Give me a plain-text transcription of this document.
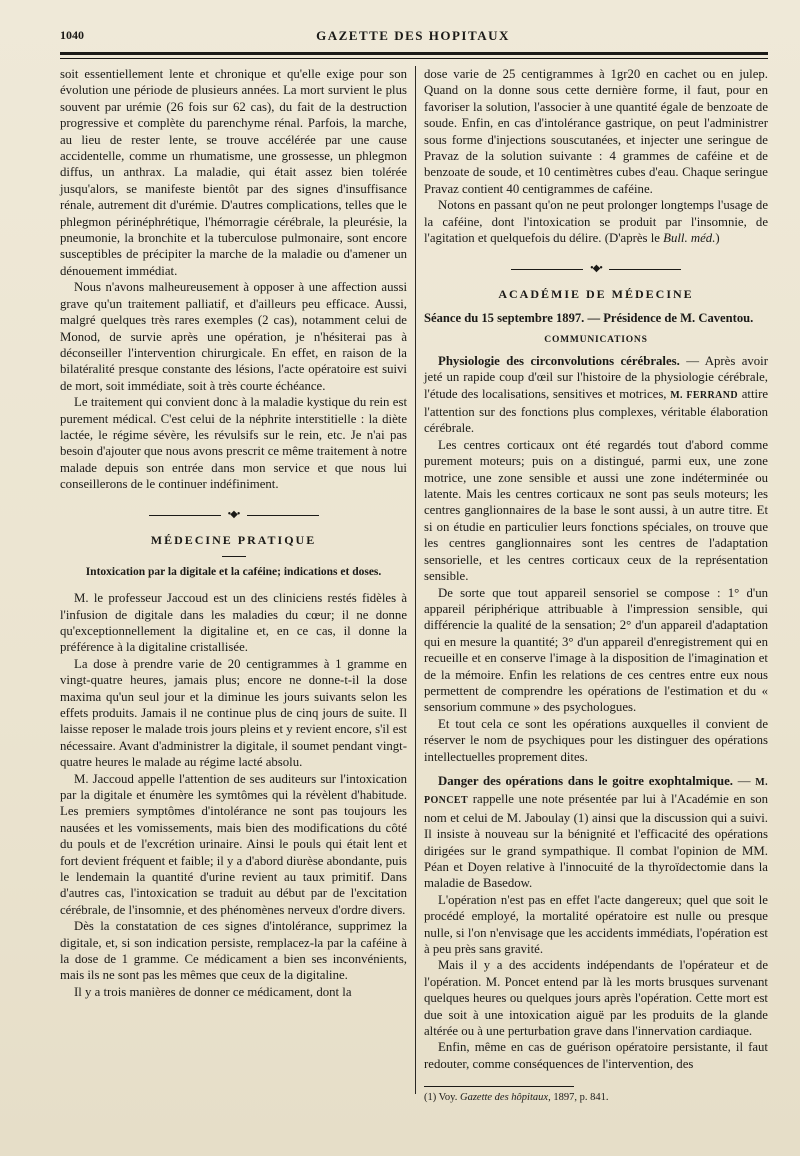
1040	GAZETTE DES HOPITAUX

soit essentiellement lente et chronique et qu'elle exige pour son évolution une période de plusieurs années. La mort survient le plus souvent par urémie (26 fois sur 62 cas), du fait de la destruction progressive et complète du parenchyme rénal. Parfois, la marche, au lieu de rester lente, se trouve accélérée par une cause accidentelle, comme un rhumatisme, une grossesse, un phlegmon diffus, un anthrax. La maladie, qui était assez bien tolérée jusqu'alors, se manifeste bientôt par des signes d'insuffisance rénale, autrement dit d'urémie. D'autres complications, telles que le phlegmon périnéphrétique, l'hémorragie cérébrale, la pleurésie, la pneumonie, la bronchite et la tuberculose pulmonaire, sont encore susceptibles de précipiter la marche de la maladie ou d'amener un dénouement immédiat.

Nous n'avons malheureusement à opposer à une affection aussi grave qu'un traitement palliatif, et d'ailleurs peu efficace. Aussi, malgré quelques très rares exemples (2 cas), notamment celui de Monod, de survie après une opération, je n'hésiterai pas à déconseiller l'intervention chirurgicale. En effet, en raison de la bilatéralité presque constante des lésions, l'acte opératoire est suivi de mort, soit immédiate, soit à très courte échéance.

Le traitement qui convient donc à la maladie kystique du rein est purement médical. C'est celui de la néphrite interstitielle : la diète lactée, le régime sévère, les révulsifs sur le rein, etc. Je n'ai pas besoin d'ajouter que nous avons prescrit ce même traitement à notre malade depuis son entrée dans mon service et que nous lui conseillerons de le continuer indéfiniment.

•◆•
MÉDECINE PRATIQUE
Intoxication par la digitale et la caféine; indications et doses.

M. le professeur Jaccoud est un des cliniciens restés fidèles à l'infusion de digitale dans les maladies du cœur; il ne donne qu'exceptionnellement la digitaline et, en ce cas, il donne la préférence à la digitaline cristallisée.

La dose à prendre varie de 20 centigrammes à 1 gramme en vingt-quatre heures, jamais plus; encore ne donne-t-il la dose maxima qu'un seul jour et la diminue les jours suivants selon les effets produits. Jamais il ne continue plus de cinq jours de suite. Il laisse reposer le malade trois jours pleins et y revient encore, s'il est nécessaire. Avant d'administrer la digitale, il soumet pendant vingt-quatre heures le malade au régime lacté absolu.

M. Jaccoud appelle l'attention de ses auditeurs sur l'intoxication par la digitale et énumère les symtômes qui la révèlent d'habitude. Les premiers symptômes d'intolérance ne sont pas toujours les nausées et les vomissements, mais bien des modifications du côté du pouls et de l'excrétion urinaire. Ainsi le pouls qui était lent et fort devient fréquent et faible; il y a d'abord diurèse abondante, puis le lendemain la quantité d'urine revient au taux primitif. Dans d'autres cas, l'intoxication se traduit au début par de l'excitation cérébrale, de l'insomnie, et des phénomènes nerveux d'ordre divers.

Dès la constatation de ces signes d'intolérance, supprimez la digitale, et, si son indication persiste, remplacez-la par la caféine à la dose de 1 gramme. Ce médicament a bien ses inconvénients, mais ils ne sont pas les mêmes que ceux de la digitaline.

Il y a trois manières de donner ce médicament, dont la

dose varie de 25 centigrammes à 1gr20 en cachet ou en julep. Quand on la donne sous cette dernière forme, il faut, pour en favoriser la solution, l'associer à une quantité égale de benzoate de soude. Enfin, en cas d'intolérance gastrique, on peut l'administrer sous forme d'injections souscutanées, et injecter une seringue de Pravaz de la solution suivante : 4 grammes de caféine et de benzoate de soude, et 10 centimètres cubes d'eau. Chaque seringue Pravaz contient 40 centigrammes de caféine.

Notons en passant qu'on ne peut prolonger longtemps l'usage de la caféine, dont l'intoxication se produit par l'insomnie, de l'agitation et quelquefois du délire. (D'après le Bull. méd.)

•◆•
ACADÉMIE DE MÉDECINE
Séance du 15 septembre 1897. — Présidence de M. Caventou.
COMMUNICATIONS

Physiologie des circonvolutions cérébrales. — Après avoir jeté un rapide coup d'œil sur l'histoire de la physiologie cérébrale, l'étude des localisations, sensitives et motrices, M. FERRAND attire l'attention sur des fonctions plus complexes, véritable élaboration cérébrale.

Les centres corticaux ont été regardés tout d'abord comme purement moteurs; puis on a distingué, parmi eux, une zone motrice, une zone sensible et aussi une zone indéterminée ou latente. Mais les centres corticaux ne sont pas seuls moteurs; les centres ganglionnaires de la base le sont aussi, à un autre titre. Et si on étudie en particulier leurs fonctions spéciales, on trouve que les centres ganglionnaires sont les centres de l'adaptation sensorielle, et les centres corticaux ceux de la représentation sensible.

De sorte que tout appareil sensoriel se compose : 1° d'un appareil périphérique attribuable à l'impression sensible, qui différencie la qualité de la sensation; 2° d'un appareil d'adaptation qui en mesure la quantité; 3° d'un appareil d'enregistrement qui en recueille et en conserve l'image à la disposition de l'imagination et de la mémoire. Enfin les relations de ces centres entre eux nous permettent de comprendre les opérations de l'estimation et du « sensorium commune » des psychologues.

Et tout cela ce sont les opérations auxquelles il convient de réserver le nom de psychiques pour les distinguer des opérations intellectuelles proprement dites.

Danger des opérations dans le goitre exophtalmique. — M. PONCET rappelle une note présentée par lui à l'Académie en son nom et celui de M. Jaboulay (1) ainsi que la discussion qui a suivi. Il insiste à nouveau sur la bénignité et l'efficacité des opérations dirigées sur le grand sympathique. Il combat l'opinion de MM. Péan et Doyen relative à l'innocuité de la thyroïdectomie dans la maladie de Basedow.

L'opération n'est pas en effet l'acte dangereux; quel que soit le procédé employé, la mortalité opératoire est nulle ou presque nulle, si l'on n'envisage que les accidents immédiats, l'opération est à peu près sans gravité.

Mais il y a des accidents indépendants de l'opérateur et de l'opération. M. Poncet entend par là les morts brusques survenant quelques heures ou quelques jours après l'opération. Cette mort est due soit à une intoxication aiguë par les produits de la glande altérée ou à une perturbation grave dans l'innervation cardiaque.

Enfin, même en cas de guérison opératoire persistante, il faut redouter, comme conséquences de l'intervention, des

(1) Voy. Gazette des hôpitaux, 1897, p. 841.
